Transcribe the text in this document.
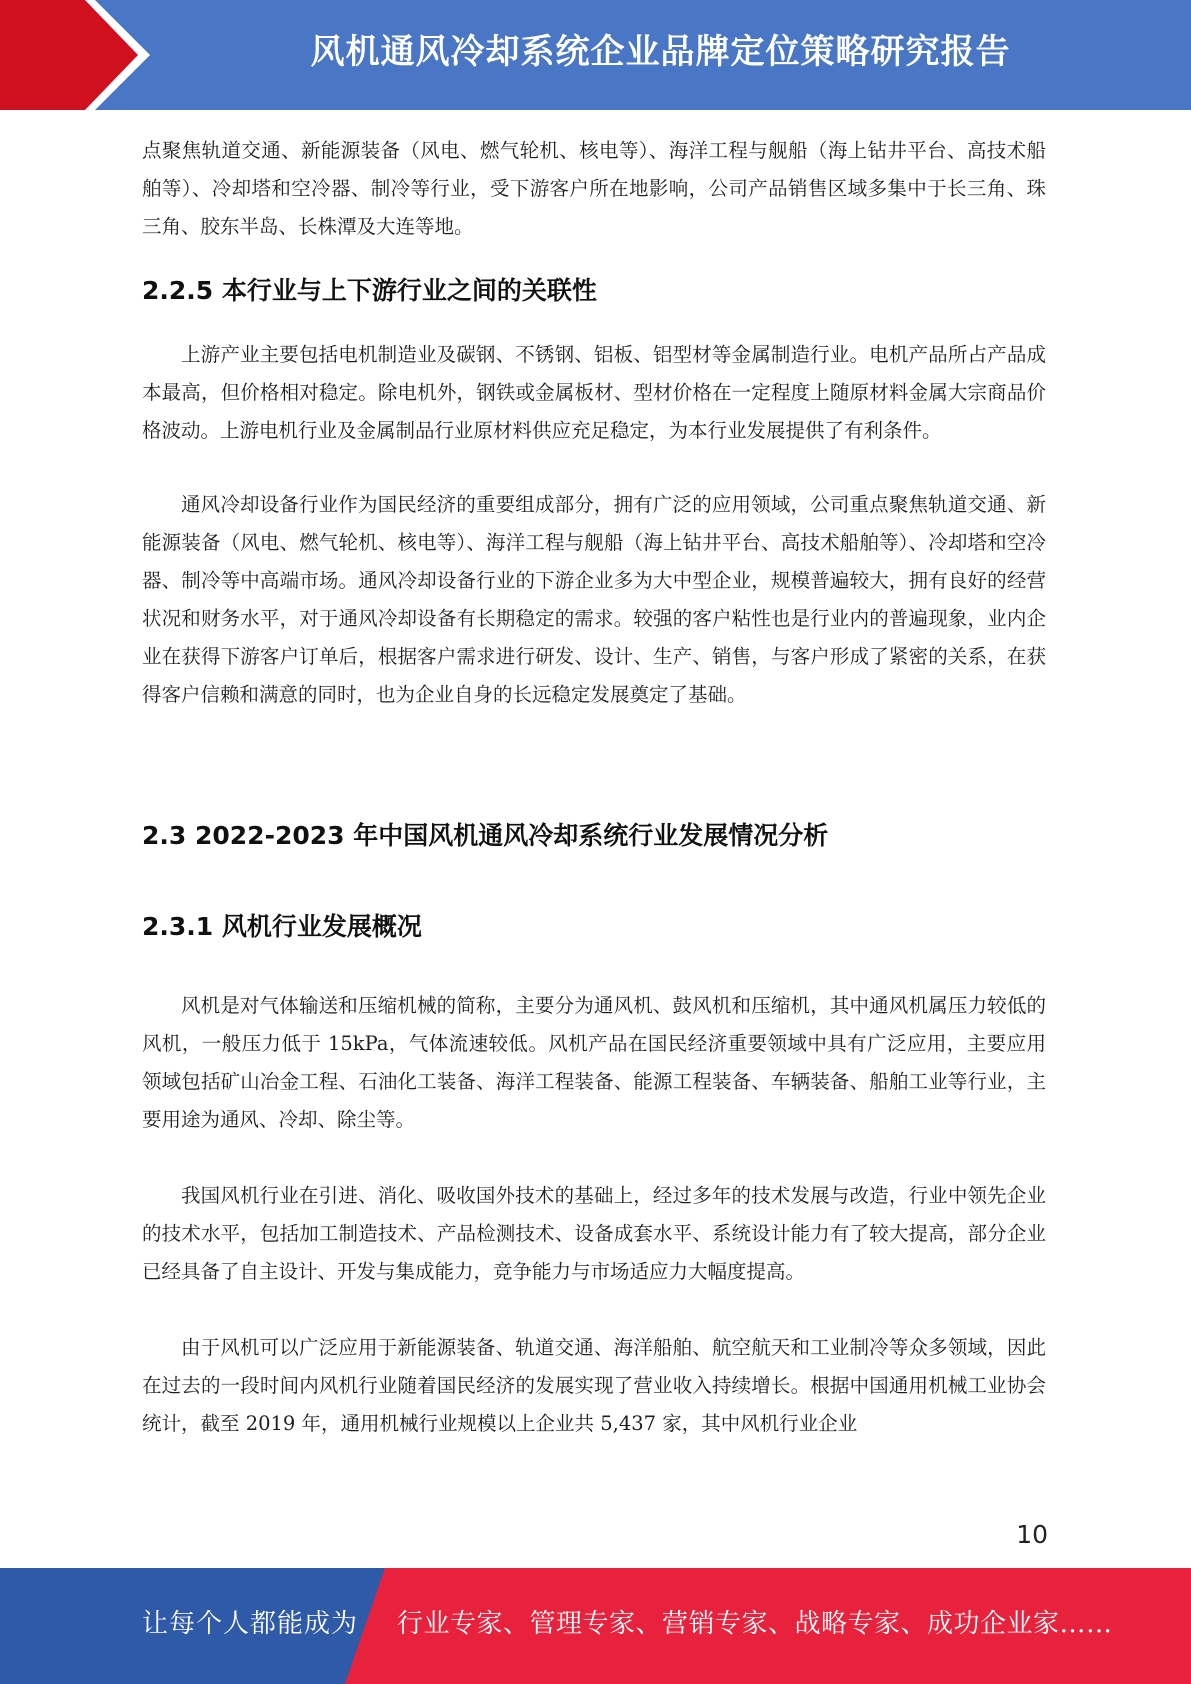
风机通风冷却系统企业品牌定位策略研究报告

点聚焦轨道交通、新能源装备（风电、燃气轮机、核电等）、海洋工程与舰船（海上钻井平台、高技术船舶等）、冷却塔和空冷器、制冷等行业，受下游客户所在地影响，公司产品销售区域多集中于长三角、珠三角、胶东半岛、长株潭及大连等地。

2.2.5 本行业与上下游行业之间的关联性

上游产业主要包括电机制造业及碳钢、不锈钢、铝板、铝型材等金属制造行业。电机产品所占产品成本最高，但价格相对稳定。除电机外，钢铁或金属板材、型材价格在一定程度上随原材料金属大宗商品价格波动。上游电机行业及金属制品行业原材料供应充足稳定，为本行业发展提供了有利条件。

通风冷却设备行业作为国民经济的重要组成部分，拥有广泛的应用领域，公司重点聚焦轨道交通、新能源装备（风电、燃气轮机、核电等）、海洋工程与舰船（海上钻井平台、高技术船舶等）、冷却塔和空冷器、制冷等中高端市场。通风冷却设备行业的下游企业多为大中型企业，规模普遍较大，拥有良好的经营状况和财务水平，对于通风冷却设备有长期稳定的需求。较强的客户粘性也是行业内的普遍现象，业内企业在获得下游客户订单后，根据客户需求进行研发、设计、生产、销售，与客户形成了紧密的关系，在获得客户信赖和满意的同时，也为企业自身的长远稳定发展奠定了基础。

2.3 2022-2023 年中国风机通风冷却系统行业发展情况分析
2.3.1 风机行业发展概况

风机是对气体输送和压缩机械的简称，主要分为通风机、鼓风机和压缩机，其中通风机属压力较低的风机，一般压力低于 15kPa，气体流速较低。风机产品在国民经济重要领域中具有广泛应用，主要应用领域包括矿山冶金工程、石油化工装备、海洋工程装备、能源工程装备、车辆装备、船舶工业等行业，主要用途为通风、冷却、除尘等。

我国风机行业在引进、消化、吸收国外技术的基础上，经过多年的技术发展与改造，行业中领先企业的技术水平，包括加工制造技术、产品检测技术、设备成套水平、系统设计能力有了较大提高，部分企业已经具备了自主设计、开发与集成能力，竞争能力与市场适应力大幅度提高。

由于风机可以广泛应用于新能源装备、轨道交通、海洋船舶、航空航天和工业制冷等众多领域，因此在过去的一段时间内风机行业随着国民经济的发展实现了营业收入持续增长。根据中国通用机械工业协会统计，截至 2019 年，通用机械行业规模以上企业共 5,437 家，其中风机行业企业

10
让每个人都能成为 行业专家、管理专家、营销专家、战略专家、成功企业家……
